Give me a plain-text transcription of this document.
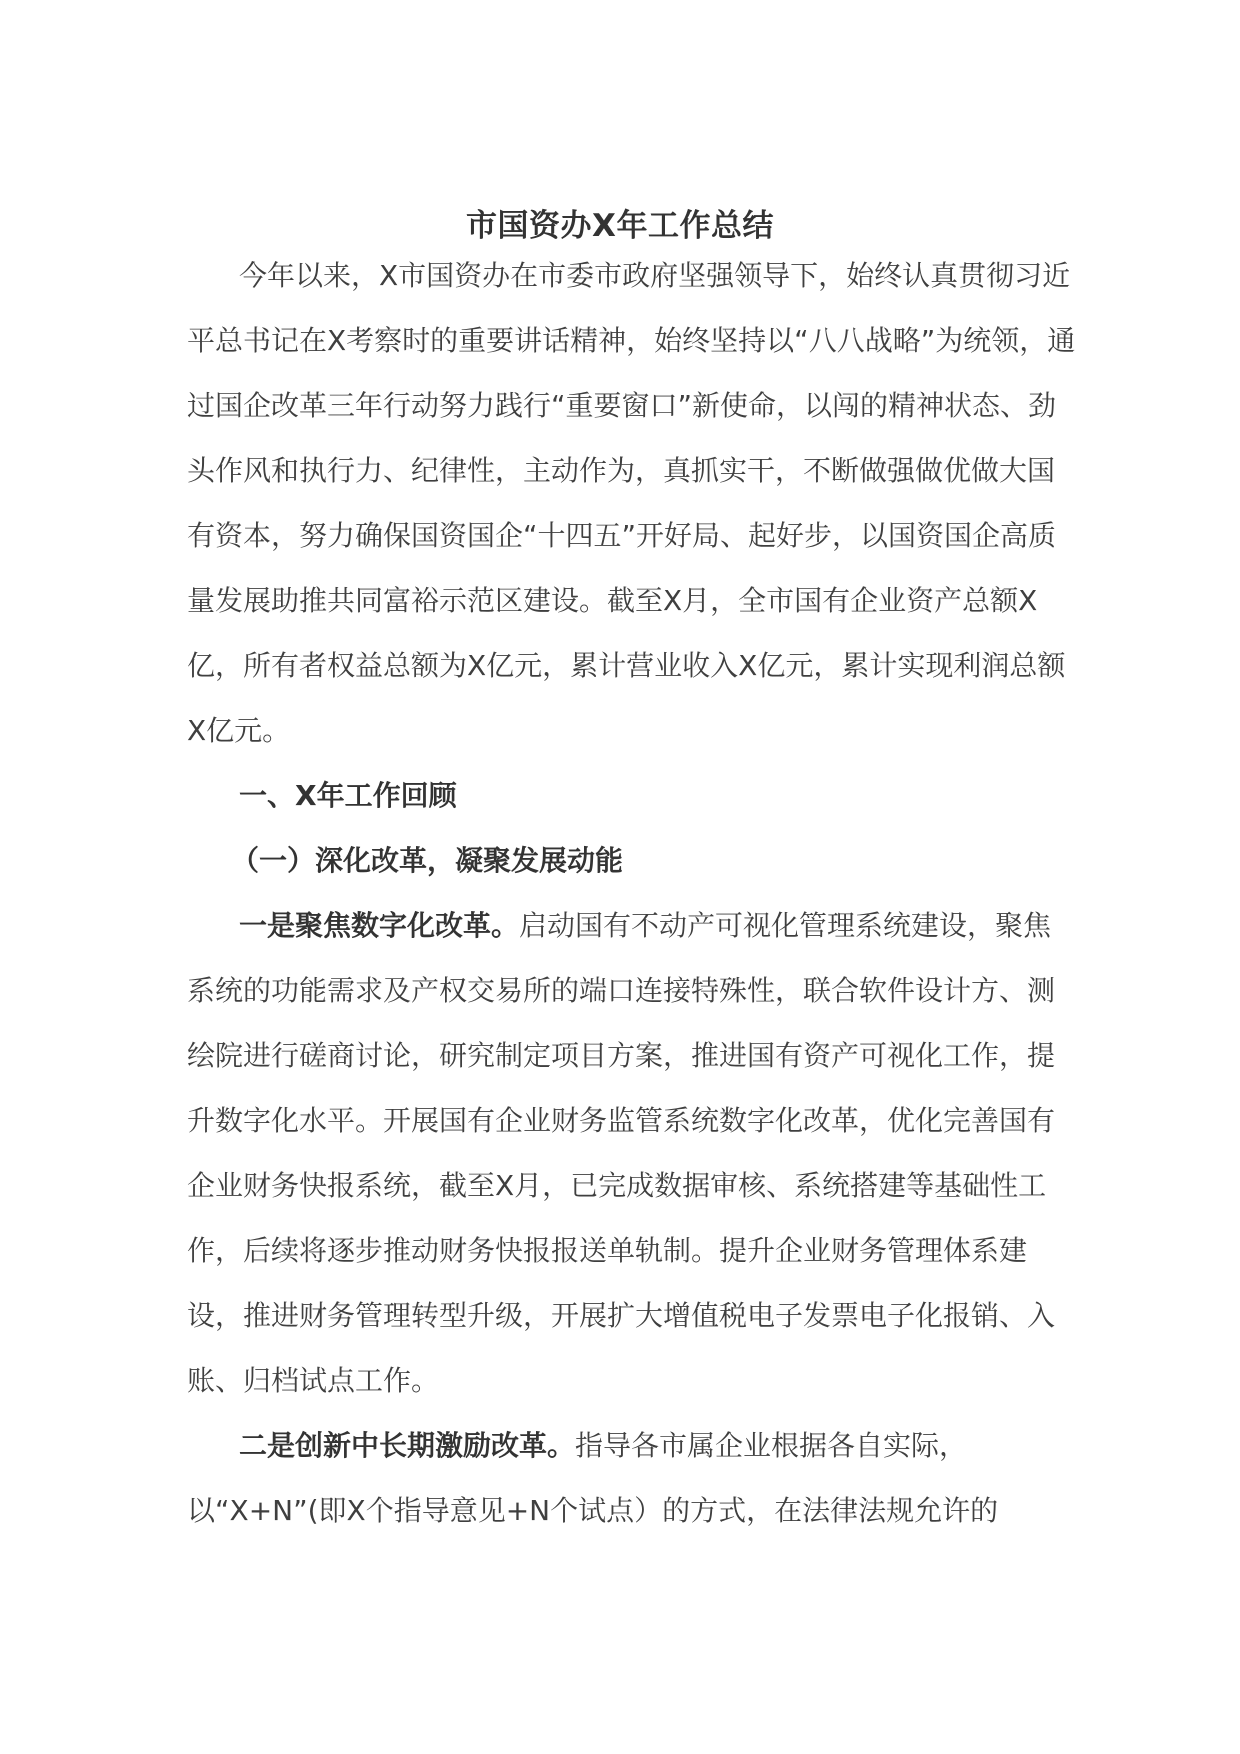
市国资办X年工作总结

今年以来，X市国资办在市委市政府坚强领导下，始终认真贯彻习近平总书记在X考察时的重要讲话精神，始终坚持以“八八战略”为统领，通过国企改革三年行动努力践行“重要窗口”新使命，以闯的精神状态、劲头作风和执行力、纪律性，主动作为，真抓实干，不断做强做优做大国有资本，努力确保国资国企“十四五”开好局、起好步，以国资国企高质量发展助推共同富裕示范区建设。截至X月，全市国有企业资产总额X亿，所有者权益总额为X亿元，累计营业收入X亿元，累计实现利润总额X亿元。

一、X年工作回顾

（一）深化改革，凝聚发展动能

一是聚焦数字化改革。启动国有不动产可视化管理系统建设，聚焦系统的功能需求及产权交易所的端口连接特殊性，联合软件设计方、测绘院进行磋商讨论，研究制定项目方案，推进国有资产可视化工作，提升数字化水平。开展国有企业财务监管系统数字化改革，优化完善国有企业财务快报系统，截至X月，已完成数据审核、系统搭建等基础性工作，后续将逐步推动财务快报报送单轨制。提升企业财务管理体系建设，推进财务管理转型升级，开展扩大增值税电子发票电子化报销、入账、归档试点工作。

二是创新中长期激励改革。指导各市属企业根据各自实际，以“X+N”(即X个指导意见+N个试点）的方式，在法律法规允许的
